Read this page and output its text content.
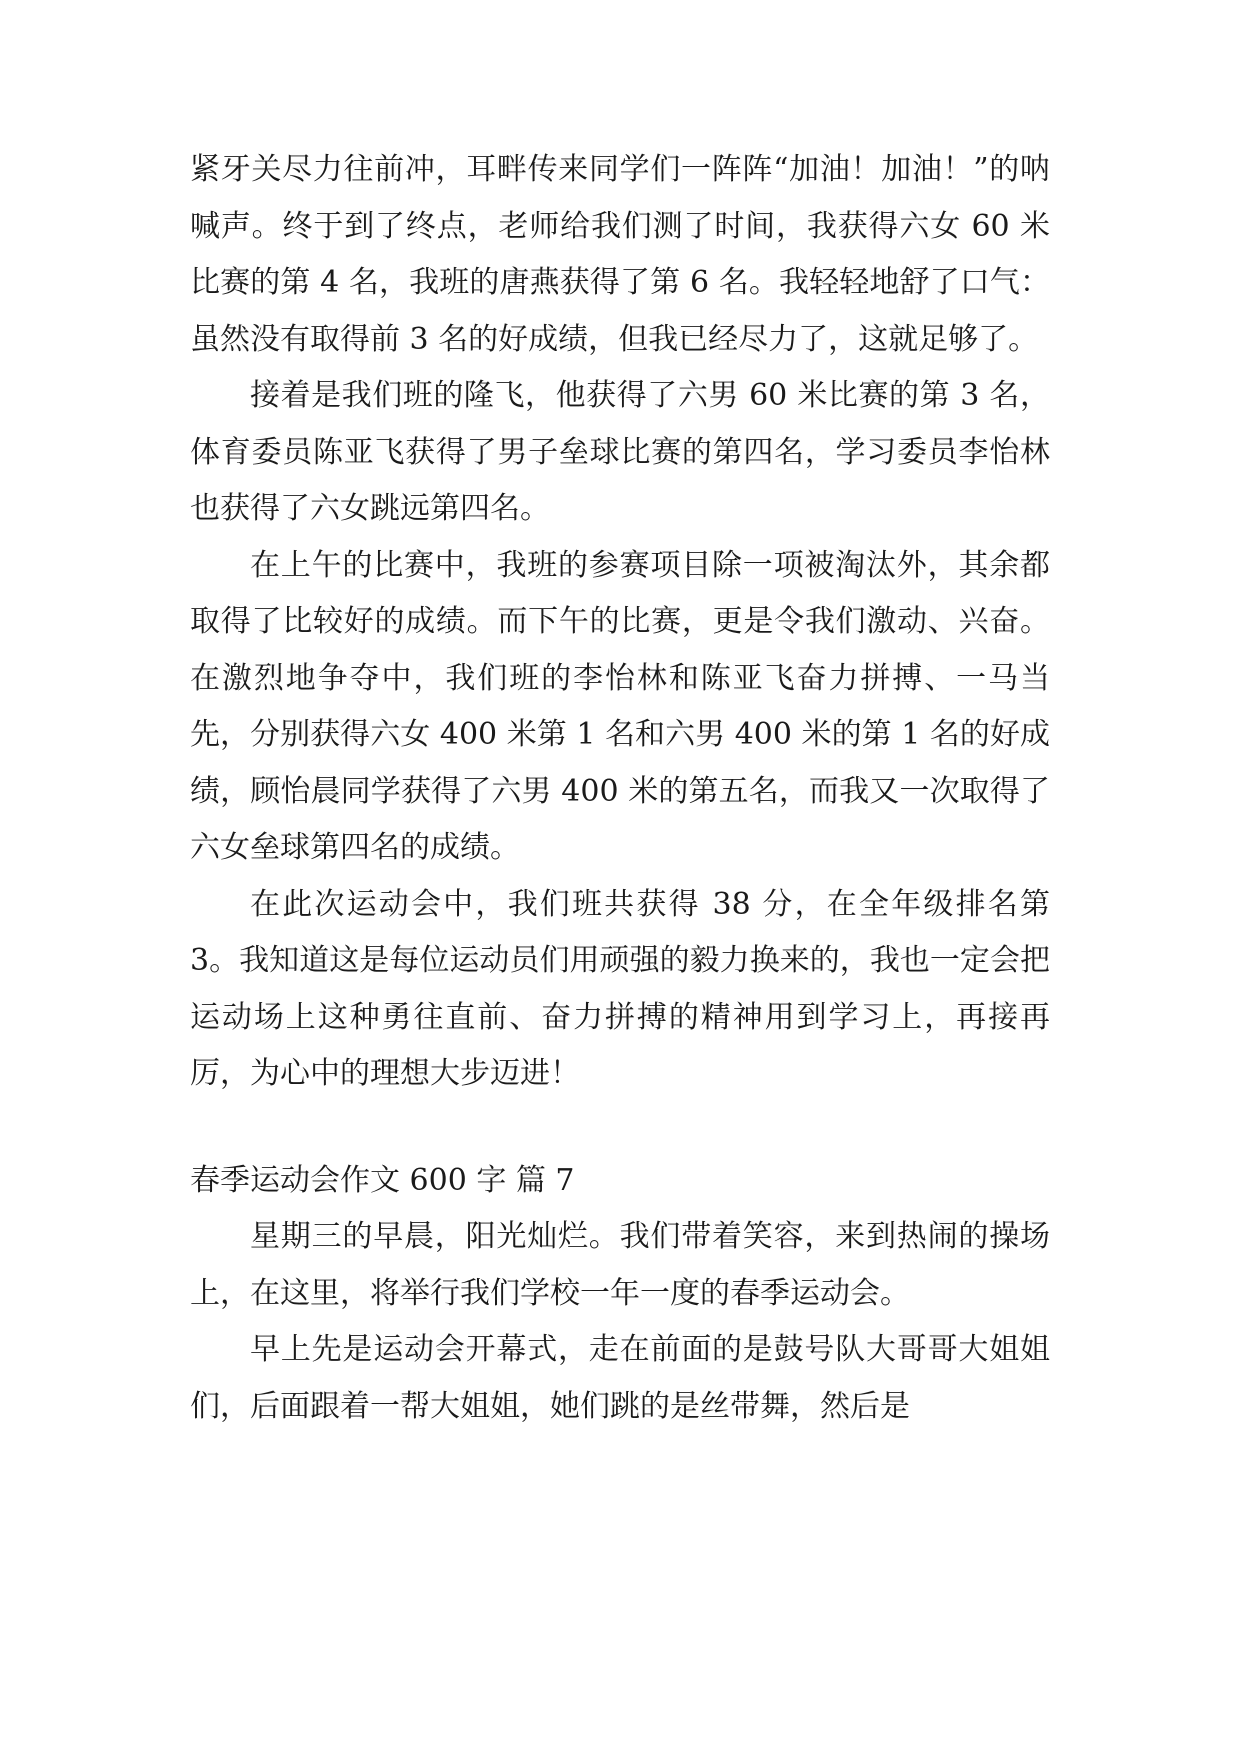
紧牙关尽力往前冲，耳畔传来同学们一阵阵“加油！加油！”的呐喊声。终于到了终点，老师给我们测了时间，我获得六女 60 米比赛的第 4 名，我班的唐燕获得了第 6 名。我轻轻地舒了口气：虽然没有取得前 3 名的好成绩，但我已经尽力了，这就足够了。

接着是我们班的隆飞，他获得了六男 60 米比赛的第 3 名，体育委员陈亚飞获得了男子垒球比赛的第四名，学习委员李怡林也获得了六女跳远第四名。

在上午的比赛中，我班的参赛项目除一项被淘汰外，其余都取得了比较好的成绩。而下午的比赛，更是令我们激动、兴奋。在激烈地争夺中，我们班的李怡林和陈亚飞奋力拼搏、一马当先，分别获得六女 400 米第 1 名和六男 400 米的第 1 名的好成绩，顾怡晨同学获得了六男 400 米的第五名，而我又一次取得了六女垒球第四名的成绩。

在此次运动会中，我们班共获得 38 分，在全年级排名第 3。我知道这是每位运动员们用顽强的毅力换来的，我也一定会把运动场上这种勇往直前、奋力拼搏的精神用到学习上，再接再厉，为心中的理想大步迈进！

春季运动会作文 600 字 篇 7

星期三的早晨，阳光灿烂。我们带着笑容，来到热闹的操场上，在这里，将举行我们学校一年一度的春季运动会。

早上先是运动会开幕式，走在前面的是鼓号队大哥哥大姐姐们，后面跟着一帮大姐姐，她们跳的是丝带舞，然后是
